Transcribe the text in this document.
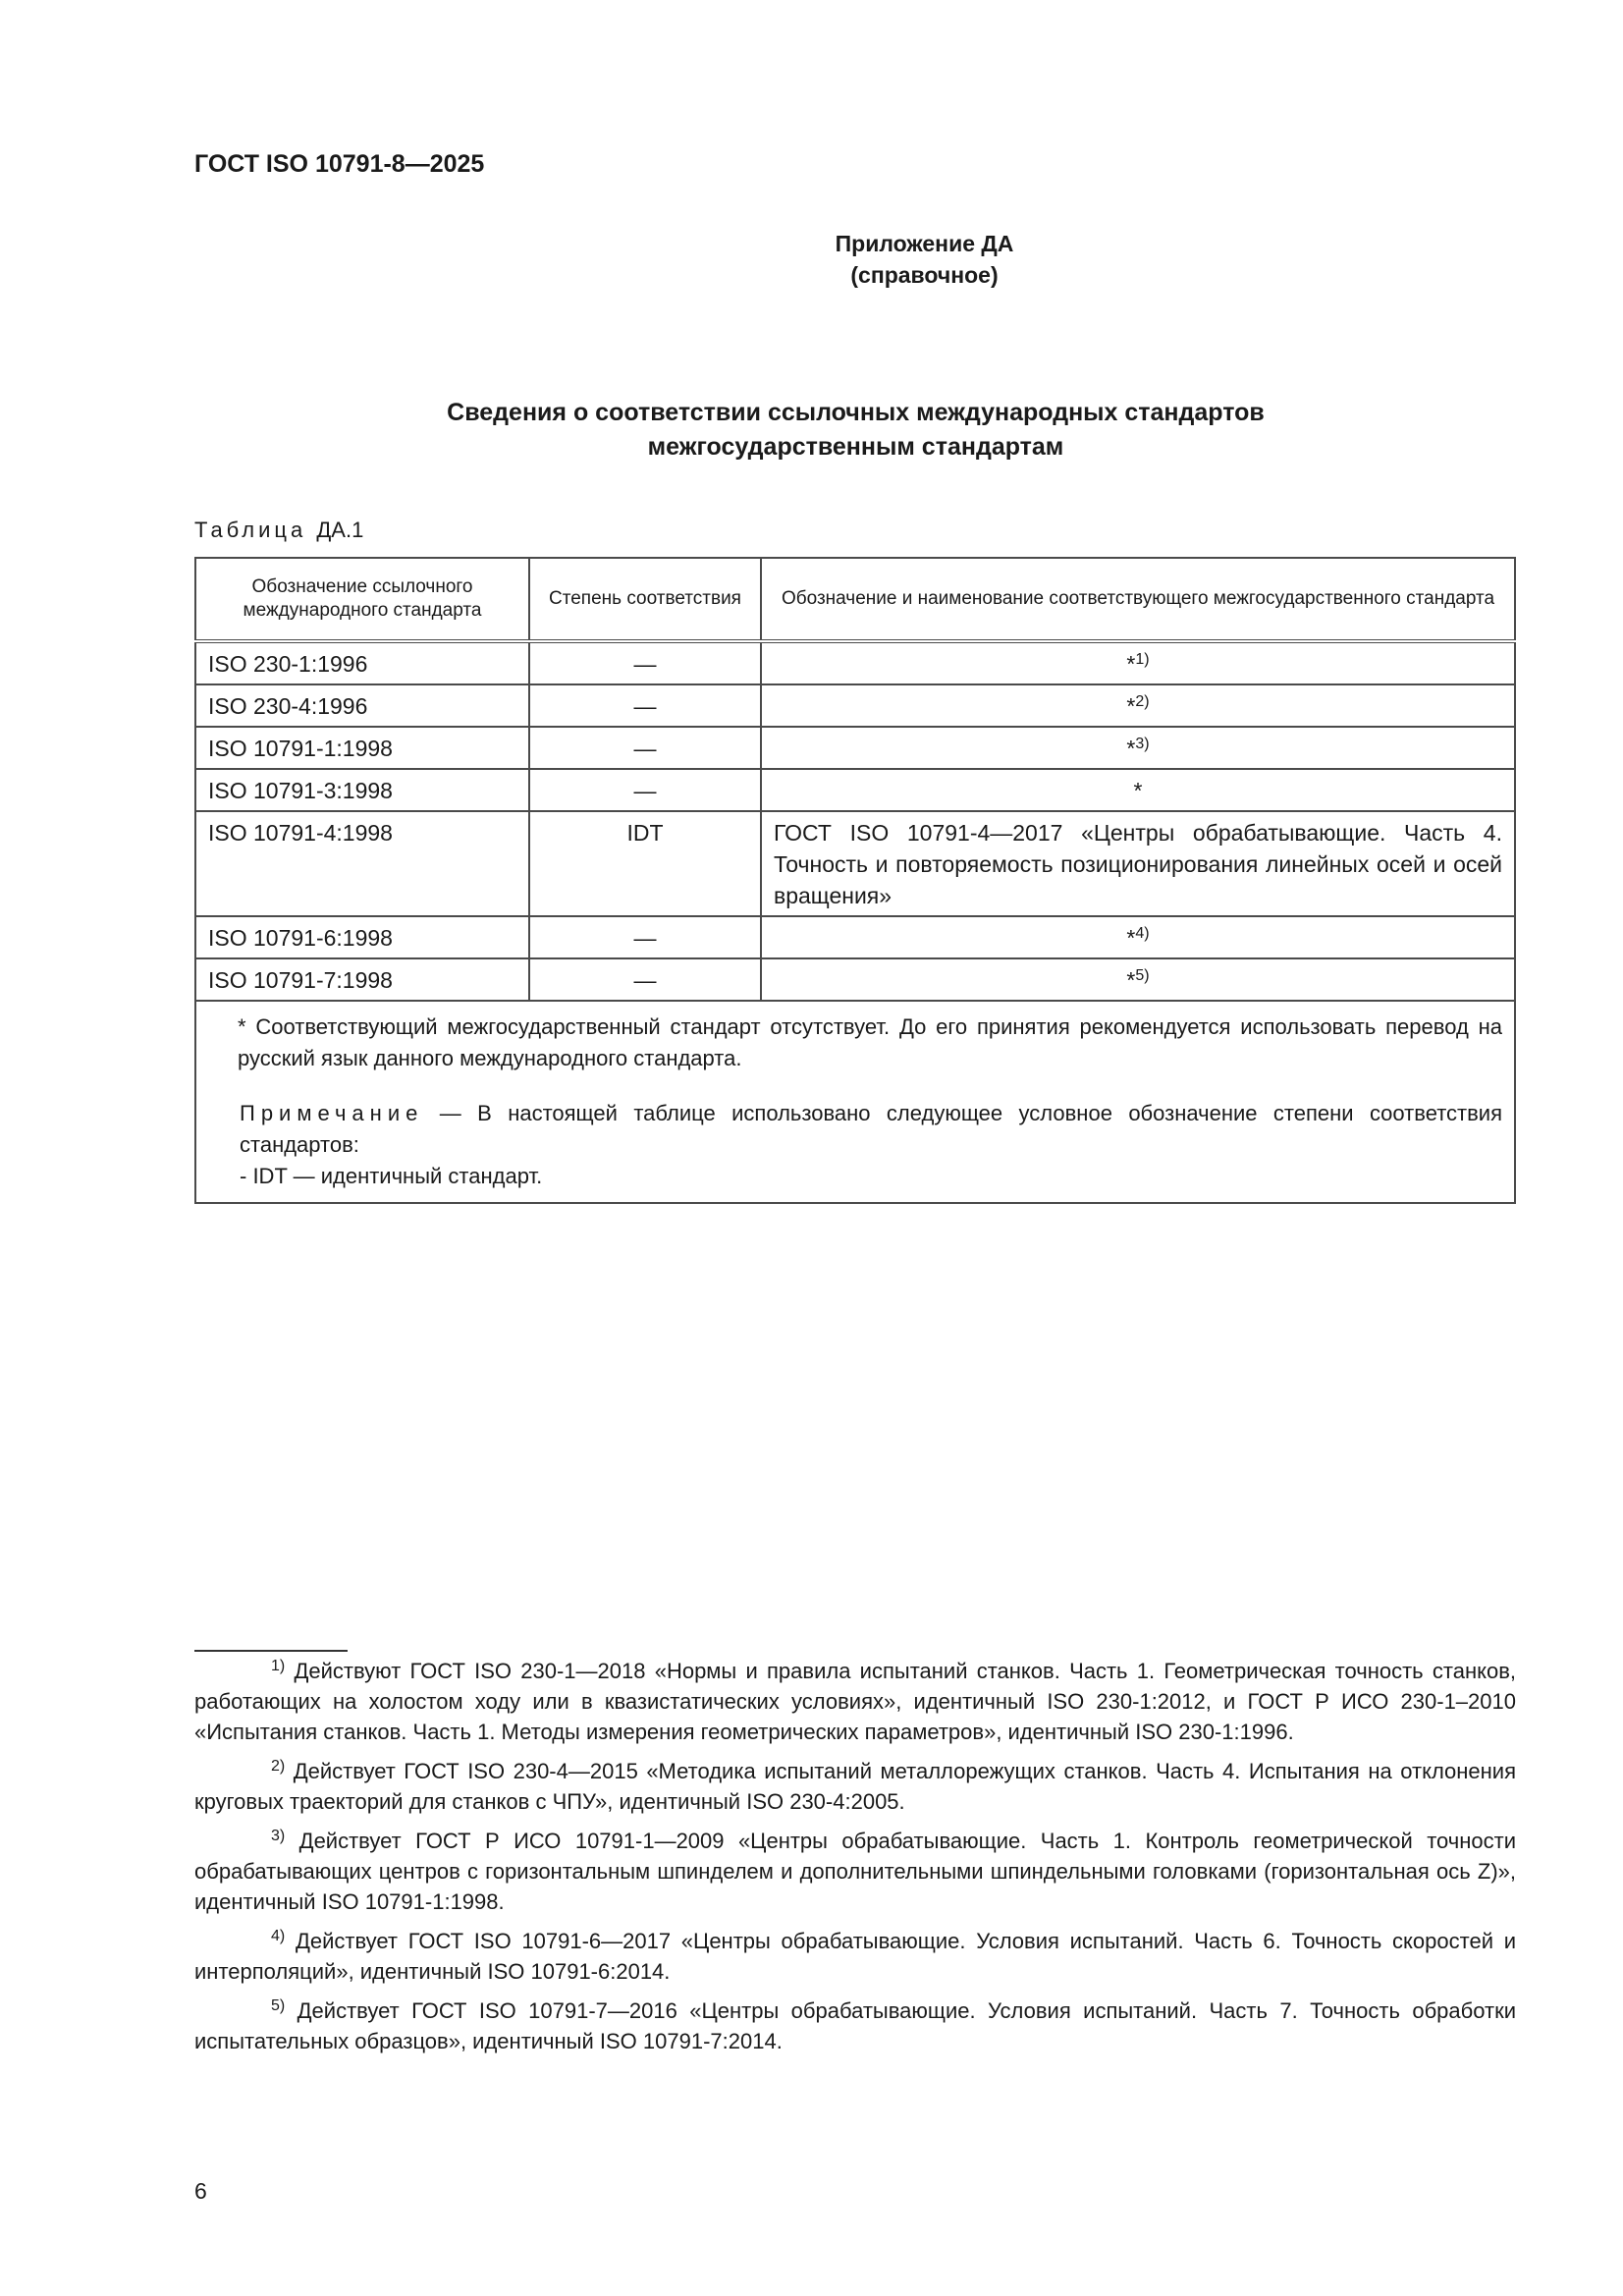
ГОСТ ISO 10791-8—2025
Приложение ДА
(справочное)
Сведения о соответствии ссылочных международных стандартов
межгосударственным стандартам
Таблица ДА.1
Обозначение ссылочного международного стандарта	Степень соответствия	Обозначение и наименование соответствующего межгосударственного стандарта
ISO 230-1:1996	—	*$^{1)}$
ISO 230-4:1996	—	*$^{2)}$
ISO 10791-1:1998	—	*$^{3)}$
ISO 10791-3:1998	—	*
ISO 10791-4:1998	IDT	ГОСТ ISO 10791-4—2017 «Центры обрабатывающие. Часть 4. Точность и повторяемость позиционирования линейных осей и осей вращения»
ISO 10791-6:1998	—	*$^{4)}$
ISO 10791-7:1998	—	*$^{5)}$

* Соответствующий межгосударственный стандарт отсутствует. До его принятия рекомендуется использовать перевод на русский язык данного международного стандарта.
Примечание — В настоящей таблице использовано следующее условное обозначение степени соответствия стандартов:
- IDT — идентичный стандарт.		
$^{1)}$ Действуют ГОСТ ISO 230-1—2018 «Нормы и правила испытаний станков. Часть 1. Геометрическая точность станков, работающих на холостом ходу или в квазистатических условиях», идентичный ISO 230-1:2012, и ГОСТ Р ИСО 230-1–2010 «Испытания станков. Часть 1. Методы измерения геометрических параметров», идентичный ISO 230-1:1996.
$^{2)}$ Действует ГОСТ ISO 230-4—2015 «Методика испытаний металлорежущих станков. Часть 4. Испытания на отклонения круговых траекторий для станков с ЧПУ», идентичный ISO 230-4:2005.
$^{3)}$ Действует ГОСТ Р ИСО 10791-1—2009 «Центры обрабатывающие. Часть 1. Контроль геометрической точности обрабатывающих центров с горизонтальным шпинделем и дополнительными шпиндельными головками (горизонтальная ось Z)», идентичный ISO 10791-1:1998.
$^{4)}$ Действует ГОСТ ISO 10791-6—2017 «Центры обрабатывающие. Условия испытаний. Часть 6. Точность скоростей и интерполяций», идентичный ISO 10791-6:2014.
$^{5)}$ Действует ГОСТ ISO 10791-7—2016 «Центры обрабатывающие. Условия испытаний. Часть 7. Точность обработки испытательных образцов», идентичный ISO 10791-7:2014.
6
